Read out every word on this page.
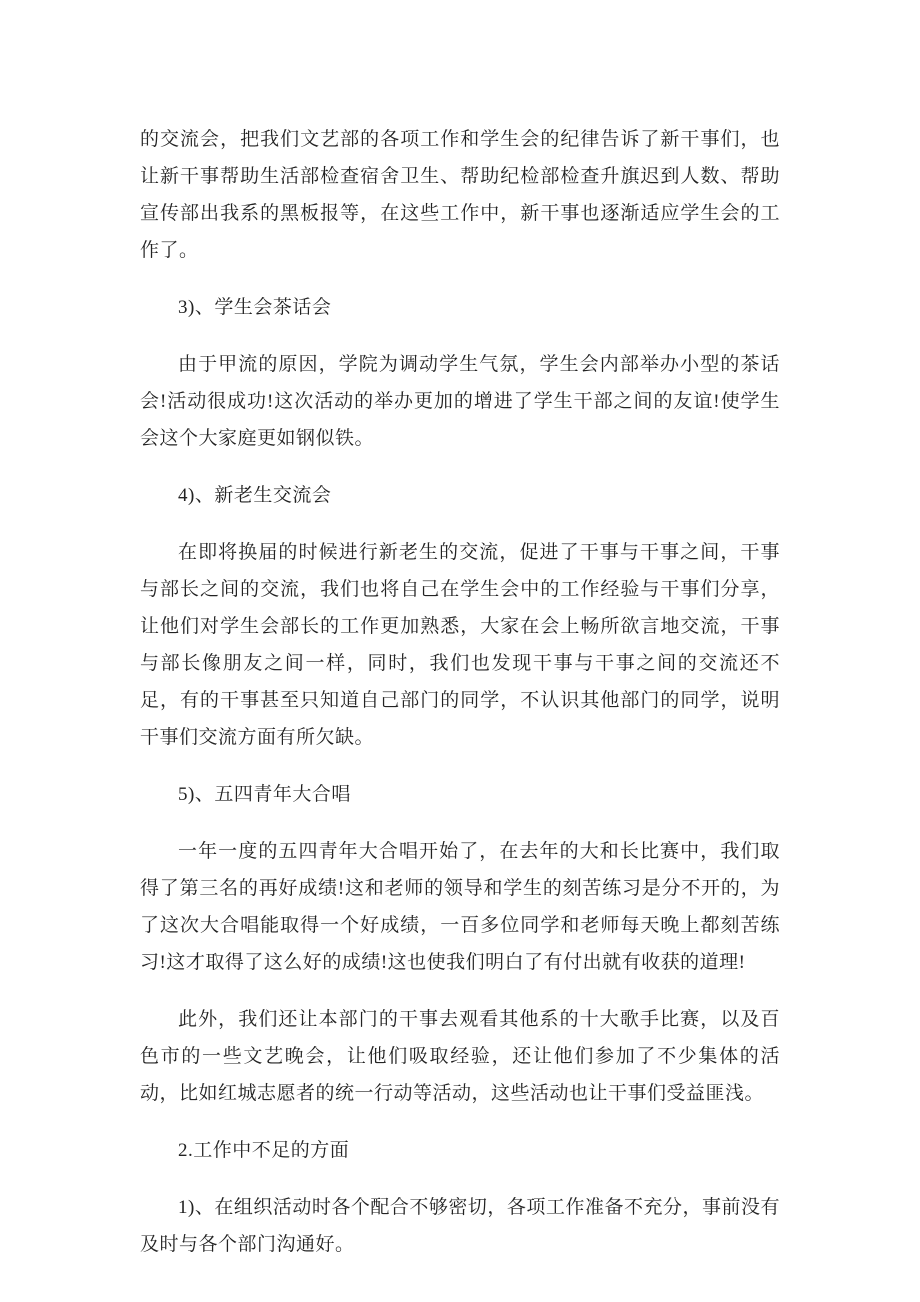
的交流会，把我们文艺部的各项工作和学生会的纪律告诉了新干事们，也让新干事帮助生活部检查宿舍卫生、帮助纪检部检查升旗迟到人数、帮助宣传部出我系的黑板报等，在这些工作中，新干事也逐渐适应学生会的工作了。

3)、学生会茶话会

由于甲流的原因，学院为调动学生气氛，学生会内部举办小型的茶话会!活动很成功!这次活动的举办更加的增进了学生干部之间的友谊!使学生会这个大家庭更如钢似铁。

4)、新老生交流会

在即将换届的时候进行新老生的交流，促进了干事与干事之间，干事与部长之间的交流，我们也将自己在学生会中的工作经验与干事们分享，让他们对学生会部长的工作更加熟悉，大家在会上畅所欲言地交流，干事与部长像朋友之间一样，同时，我们也发现干事与干事之间的交流还不足，有的干事甚至只知道自己部门的同学，不认识其他部门的同学，说明干事们交流方面有所欠缺。

5)、五四青年大合唱

一年一度的五四青年大合唱开始了，在去年的大和长比赛中，我们取得了第三名的再好成绩!这和老师的领导和学生的刻苦练习是分不开的，为了这次大合唱能取得一个好成绩，一百多位同学和老师每天晚上都刻苦练习!这才取得了这么好的成绩!这也使我们明白了有付出就有收获的道理!

此外，我们还让本部门的干事去观看其他系的十大歌手比赛，以及百色市的一些文艺晚会，让他们吸取经验，还让他们参加了不少集体的活动，比如红城志愿者的统一行动等活动，这些活动也让干事们受益匪浅。

2.工作中不足的方面

1)、在组织活动时各个配合不够密切，各项工作准备不充分，事前没有及时与各个部门沟通好。
